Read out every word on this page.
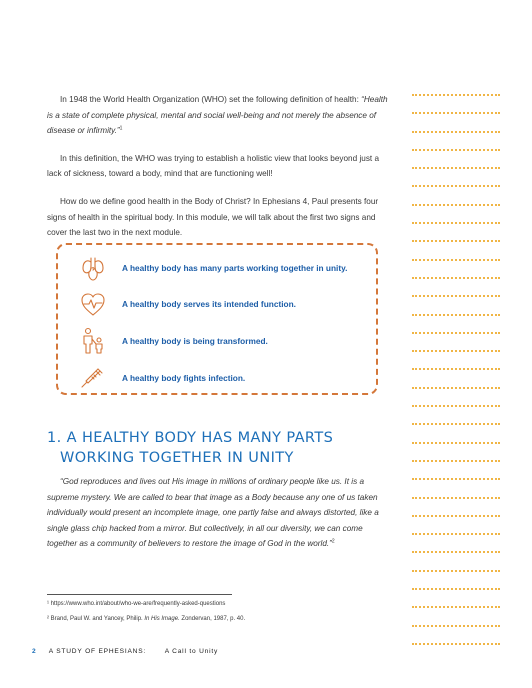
In 1948 the World Health Organization (WHO) set the following definition of health: “Health is a state of complete physical, mental and social well-being and not merely the absence of disease or infirmity.”$^1$

In this definition, the WHO was trying to establish a holistic view that looks beyond just a lack of sickness, toward a body, mind that are functioning well!

How do we define good health in the Body of Christ? In Ephesians 4, Paul presents four signs of health in the spiritual body. In this module, we will talk about the first two signs and cover the last two in the next module.

A healthy body has many parts working together in unity.
A healthy body serves its intended function.
A healthy body is being transformed.
A healthy body fights infection.
1. A HEALTHY BODY HAS MANY PARTS
WORKING TOGETHER IN UNITY

“God reproduces and lives out His image in millions of ordinary people like us. It is a supreme mystery. We are called to bear that image as a Body because any one of us taken individually would present an incomplete image, one partly false and always distorted, like a single glass chip hacked from a mirror. But collectively, in all our diversity, we can come together as a community of believers to restore the image of God in the world.”$^2$

¹ https://www.who.int/about/who-we-are/frequently-asked-questions
² Brand, Paul W. and Yancey, Philip. In His Image. Zondervan, 1987, p. 40.
2 A STUDY OF EPHESIANS:	A Call to Unity
